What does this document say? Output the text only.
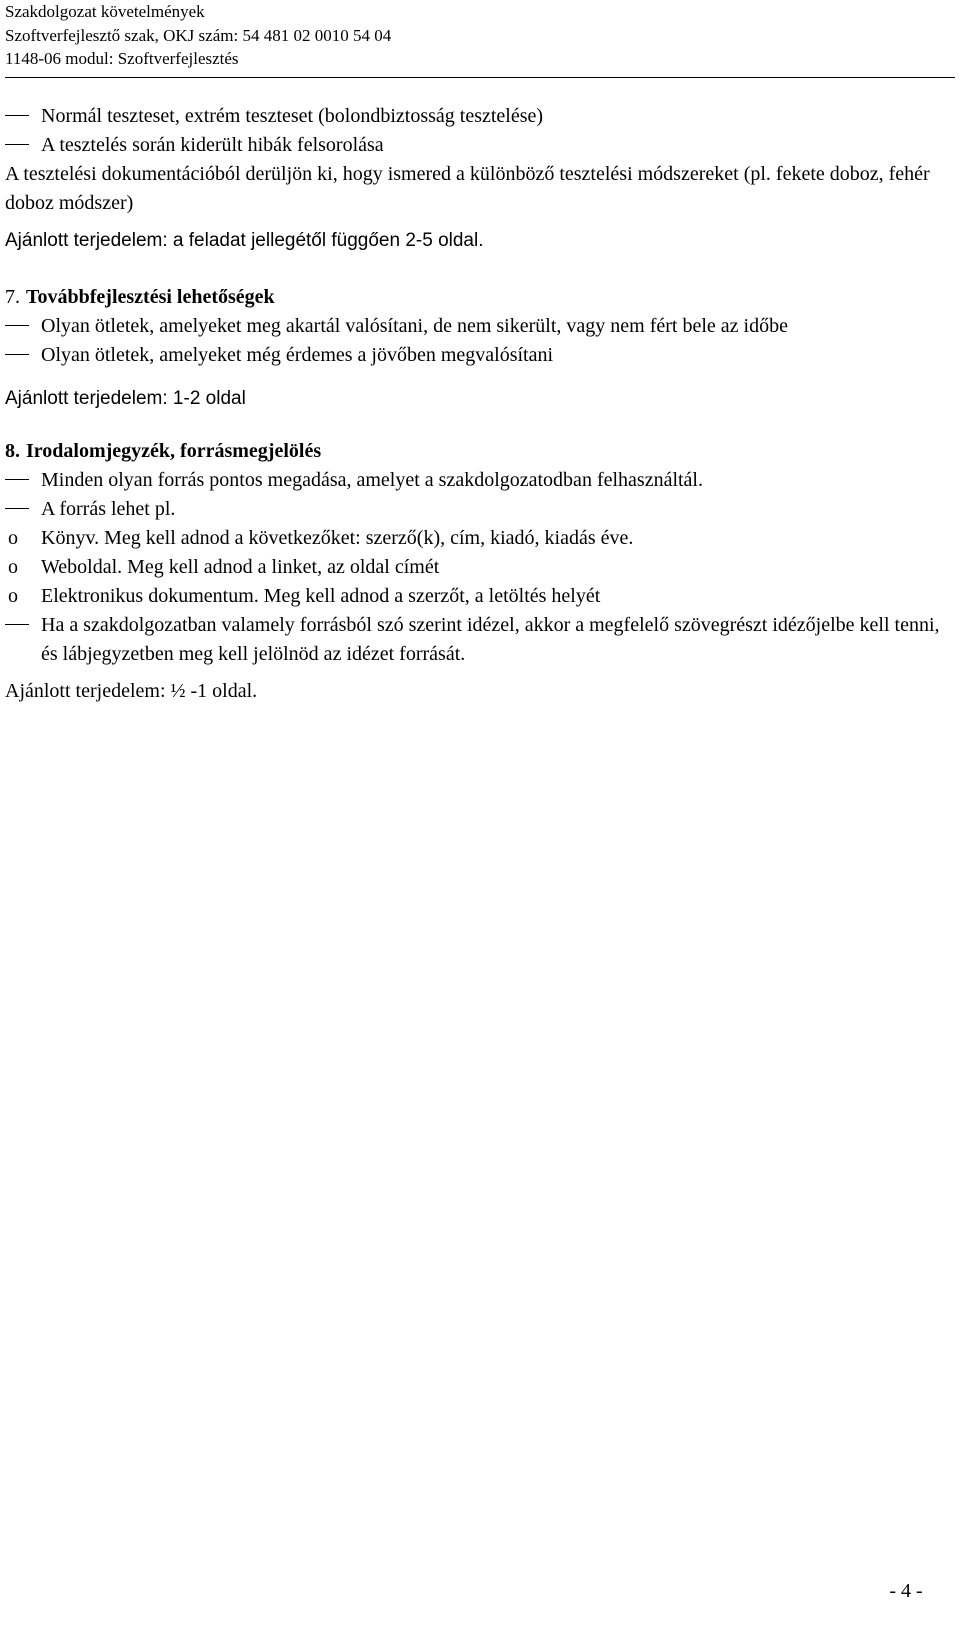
Szakdolgozat követelmények
Szoftverfejlesztő szak, OKJ szám: 54 481 02 0010 54 04
1148-06 modul: Szoftverfejlesztés
Normál teszteset, extrém teszteset (bolondbiztosság tesztelése)
A tesztelés során kiderült hibák felsorolása
A tesztelési dokumentációból derüljön ki, hogy ismered a különböző tesztelési módszereket (pl. fekete doboz, fehér doboz módszer)
Ajánlott terjedelem: a feladat jellegétől függően 2-5 oldal.
7. Továbbfejlesztési lehetőségek
Olyan ötletek, amelyeket meg akartál valósítani, de nem sikerült, vagy nem fért bele az időbe
Olyan ötletek, amelyeket még érdemes a jövőben megvalósítani
Ajánlott terjedelem: 1-2 oldal
8. Irodalomjegyzék, forrásmegjelölés
Minden olyan forrás pontos megadása, amelyet a szakdolgozatodban felhasználtál.
A forrás lehet pl.
o Könyv. Meg kell adnod a következőket: szerző(k), cím, kiadó, kiadás éve.
o Weboldal. Meg kell adnod a linket, az oldal címét
o Elektronikus dokumentum. Meg kell adnod a szerzőt, a letöltés helyét
Ha a szakdolgozatban valamely forrásból szó szerint idézel, akkor a megfelelő szövegrészt idézőjelbe kell tenni, és lábjegyzetben meg kell jelölnöd az idézet forrását.
Ajánlott terjedelem: ½ -1 oldal.
- 4 -
